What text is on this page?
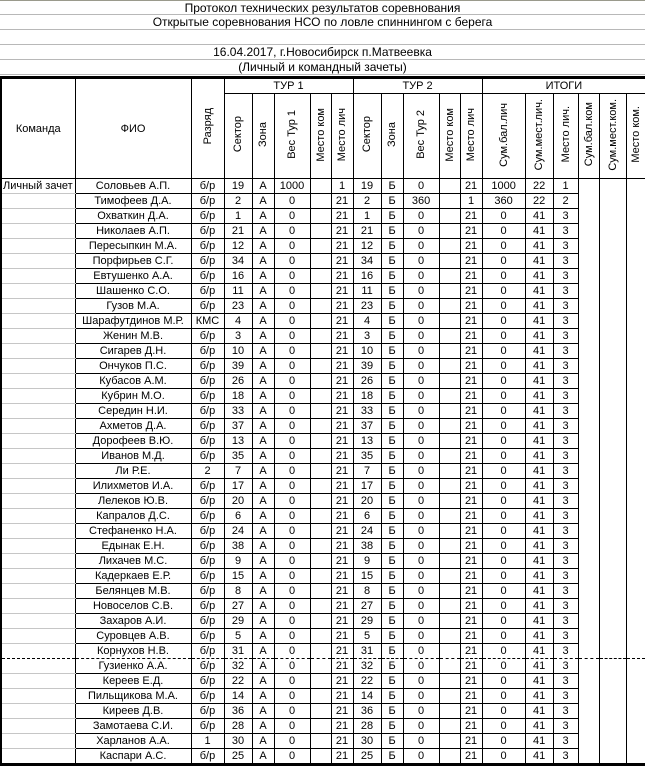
Протокол технических результатов соревнования
Открытые соревнования НСО по ловле спиннингом с берега
16.04.2017, г.Новосибирск п.Матвеевка
(Личный и командный зачеты)
Команда	ФИО	Разряд	ТУР 1					ТУР 2					ИТОГИ					
			Сектор	Зона	Вес Тур 1	Место ком	Место лич	Сектор	Зона	Вес Тур 2	Место ком	Место лич	Сум.бал.лич	Сум.мест.лич.	Место лич.	Сум.бал.ком	Сум.мест.ком.	Место ком.
Личный зачет	Соловьев А.П.	б/р	19	А	1000		1	19	Б	0		21	1000	22	1			
	Тимофеев Д.А.	б/р	2	А	0		21	2	Б	360		1	360	22	2			
	Охваткин Д.А.	б/р	1	А	0		21	1	Б	0		21	0	41	3			
	Николаев А.П.	б/р	21	А	0		21	21	Б	0		21	0	41	3			
	Пересыпкин М.А.	б/р	12	А	0		21	12	Б	0		21	0	41	3			
	Порфирьев С.Г.	б/р	34	А	0		21	34	Б	0		21	0	41	3			
	Евтушенко А.А.	б/р	16	А	0		21	16	Б	0		21	0	41	3			
	Шашенко С.О.	б/р	11	А	0		21	11	Б	0		21	0	41	3			
	Гузов М.А.	б/р	23	А	0		21	23	Б	0		21	0	41	3			
	Шарафутдинов М.Р.	КМС	4	А	0		21	4	Б	0		21	0	41	3			
	Женин М.В.	б/р	3	А	0		21	3	Б	0		21	0	41	3			
	Сигарев Д.Н.	б/р	10	А	0		21	10	Б	0		21	0	41	3			
	Ончуков П.С.	б/р	39	А	0		21	39	Б	0		21	0	41	3			
	Кубасов А.М.	б/р	26	А	0		21	26	Б	0		21	0	41	3			
	Кубрин М.О.	б/р	18	А	0		21	18	Б	0		21	0	41	3			
	Середин Н.И.	б/р	33	А	0		21	33	Б	0		21	0	41	3			
	Ахметов Д.А.	б/р	37	А	0		21	37	Б	0		21	0	41	3			
	Дорофеев В.Ю.	б/р	13	А	0		21	13	Б	0		21	0	41	3			
	Иванов М.Д.	б/р	35	А	0		21	35	Б	0		21	0	41	3			
	Ли Р.Е.	2	7	А	0		21	7	Б	0		21	0	41	3			
	Илихметов И.А.	б/р	17	А	0		21	17	Б	0		21	0	41	3			
	Лелеков Ю.В.	б/р	20	А	0		21	20	Б	0		21	0	41	3			
	Капралов Д.С.	б/р	6	А	0		21	6	Б	0		21	0	41	3			
	Стефаненко Н.А.	б/р	24	А	0		21	24	Б	0		21	0	41	3			
	Едынак Е.Н.	б/р	38	А	0		21	38	Б	0		21	0	41	3			
	Лихачев М.С.	б/р	9	А	0		21	9	Б	0		21	0	41	3			
	Кадеркаев Е.Р.	б/р	15	А	0		21	15	Б	0		21	0	41	3			
	Белянцев М.В.	б/р	8	А	0		21	8	Б	0		21	0	41	3			
	Новоселов С.В.	б/р	27	А	0		21	27	Б	0		21	0	41	3			
	Захаров А.И.	б/р	29	А	0		21	29	Б	0		21	0	41	3			
	Суровцев А.В.	б/р	5	А	0		21	5	Б	0		21	0	41	3			
	Корнухов Н.В.	б/р	31	А	0		21	31	Б	0		21	0	41	3			
	Гузиенко А.А.	б/р	32	А	0		21	32	Б	0		21	0	41	3			
	Кереев Е.Д.	б/р	22	А	0		21	22	Б	0		21	0	41	3			
	Пильщикова М.А.	б/р	14	А	0		21	14	Б	0		21	0	41	3			
	Киреев Д.В.	б/р	36	А	0		21	36	Б	0		21	0	41	3			
	Замотаева С.И.	б/р	28	А	0		21	28	Б	0		21	0	41	3			
	Харланов А.А.	1	30	А	0		21	30	Б	0		21	0	41	3			
	Каспари А.С.	б/р	25	А	0		21	25	Б	0		21	0	41	3			
